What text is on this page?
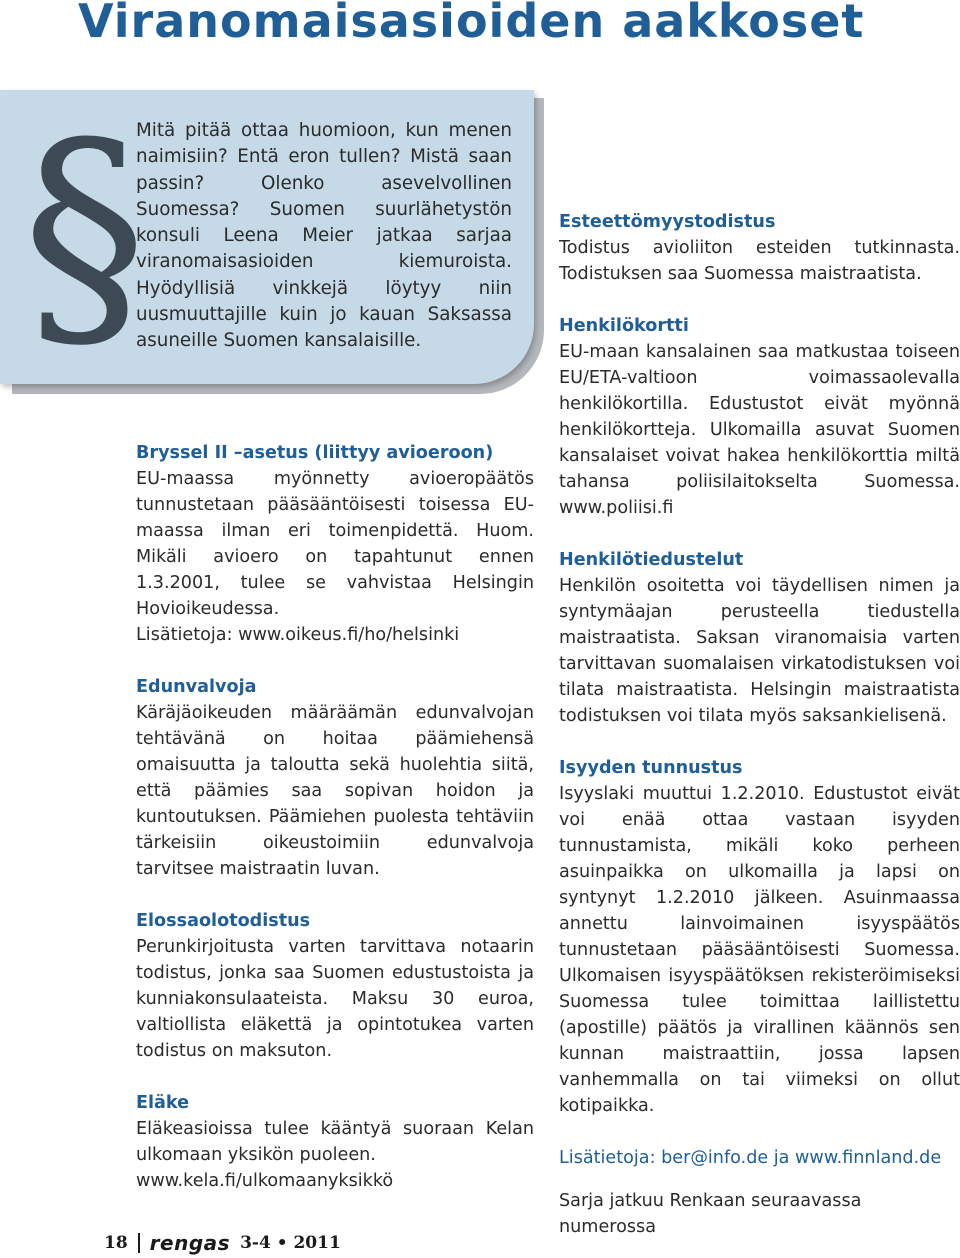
Viranomaisasioiden aakkoset
§
Mitä pitää ottaa huomioon, kun menen naimisiin? Entä eron tullen? Mistä saan passin? Olenko asevelvollinen Suomessa? Suomen suurlähetystön konsuli Leena Meier jatkaa sarjaa viranomaisasioiden kiemuroista. Hyödyllisiä vinkkejä löytyy niin uusmuuttajille kuin jo kauan Saksassa asuneille Suomen kansalaisille.
Bryssel II –asetus (liittyy avioeroon)
EU-maassa myönnetty avioeropäätös tunnustetaan pääsääntöisesti toisessa EU-maassa ilman eri toimenpidettä. Huom. Mikäli avioero on tapahtunut ennen 1.3.2001, tulee se vahvistaa Helsingin Hovioikeudessa.
Lisätietoja: www.oikeus.fi/ho/helsinki
Edunvalvoja
Käräjäoikeuden määräämän edunvalvojan tehtävänä on hoitaa päämiehensä omaisuutta ja taloutta sekä huolehtia siitä, että päämies saa sopivan hoidon ja kuntoutuksen. Päämiehen puolesta tehtäviin tärkeisiin oikeustoimiin edunvalvoja tarvitsee maistraatin luvan.
Elossaolotodistus
Perunkirjoitusta varten tarvittava notaarin todistus, jonka saa Suomen edustustoista ja kunniakonsulaateista. Maksu 30 euroa, valtiollista eläkettä ja opintotukea varten todistus on maksuton.
Eläke
Eläkeasioissa tulee kääntyä suoraan Kelan ulkomaan yksikön puoleen.
www.kela.fi/ulkomaanyksikkö
Esteettömyystodistus
Todistus avioliiton esteiden tutkinnasta. Todistuksen saa Suomessa maistraatista.
Henkilökortti
EU-maan kansalainen saa matkustaa toiseen EU/ETA-valtioon voimassaolevalla henkilökortilla. Edustustot eivät myönnä henkilökortteja. Ulkomailla asuvat Suomen kansalaiset voivat hakea henkilökorttia miltä tahansa poliisilaitokselta Suomessa. www.poliisi.fi
Henkilötiedustelut
Henkilön osoitetta voi täydellisen nimen ja syntymäajan perusteella tiedustella maistraatista. Saksan viranomaisia varten tarvittavan suomalaisen virkatodistuksen voi tilata maistraatista. Helsingin maistraatista todistuksen voi tilata myös saksankielisenä.
Isyyden tunnustus
Isyyslaki muuttui 1.2.2010. Edustustot eivät voi enää ottaa vastaan isyyden tunnustamista, mikäli koko perheen asuinpaikka on ulkomailla ja lapsi on syntynyt 1.2.2010 jälkeen. Asuinmaassa annettu lainvoimainen isyyspäätös tunnustetaan pääsääntöisesti Suomessa. Ulkomaisen isyyspäätöksen rekisteröimiseksi Suomessa tulee toimittaa laillistettu (apostille) päätös ja virallinen käännös sen kunnan maistraattiin, jossa lapsen vanhemmalla on tai viimeksi on ollut kotipaikka.
Lisätietoja: ber@info.de ja www.finnland.de
Sarja jatkuu Renkaan seuraavassa numerossa
18 rengas 3-4 • 2011
